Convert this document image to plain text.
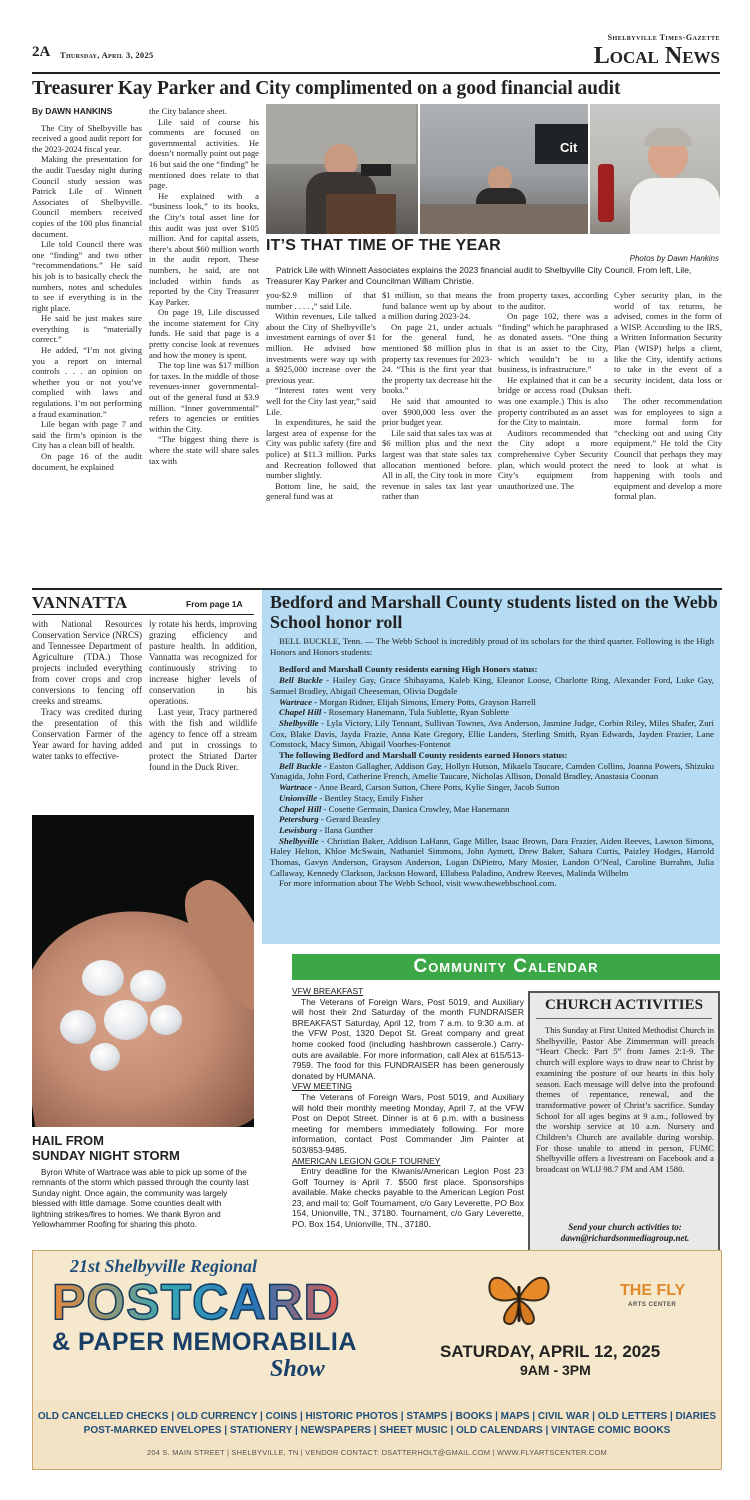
2A Thursday, April 3, 2025
Shelbyville Times-Gazette
Local News
Treasurer Kay Parker and City complimented on a good financial audit

By DAWN HANKINS

The City of Shelbyville has received a good audit report for the 2023-2024 fiscal year.

Making the presentation for the audit Tuesday night during Council study session was Patrick Lile of Winnett Associates of Shelbyville. Council members received copies of the 100 plus financial document.

Lile told Council there was one “finding” and two other “recommendations.” He said his job is to basically check the numbers, notes and schedules to see if everything is in the right place.

He said he just makes sure everything is “materially correct.”

He added, “I’m not giving you a report on internal controls . . . an opinion on whether you or not you’ve complied with laws and regulations. I’m not performing a fraud examination.”

Lile began with page 7 and said the firm’s opinion is the City has a clean bill of health.

On page 16 of the audit document, he explained

the City balance sheet.

Lile said of course his comments are focused on governmental activities. He doesn’t normally point out page 16 but said the one “finding” he mentioned does relate to that page.

He explained with a “business look,” to its books, the City’s total asset line for this audit was just over $105 million. And for capital assets, there’s about $60 million worth in the audit report. These numbers, he said, are not included within funds as reported by the City Treasurer Kay Parker.

On page 19, Lile discussed the income statement for City funds. He said that page is a pretty concise look at revenues and how the money is spent.

The top line was $17 million for taxes. In the middle of those revenues-inner governmental-out of the general fund at $3.9 million. “Inner governmental” refers to agencies or entities within the City.

“The biggest thing there is where the state will share sales tax with

Cit
IT’S THAT TIME OF THE YEAR
Photos by Dawn Hankins
Patrick Lile with Winnett Associates explains the 2023 financial audit to Shelbyville City Council. From left, Lile, Treasurer Kay Parker and Councilman William Christie.

you-$2.9 million of that number . . . . ,” said Lile.

Within revenues, Lile talked about the City of Shelbyville’s investment earnings of over $1 million. He advised how investments were way up with a $925,000 increase over the previous year.

“Interest rates went very well for the City last year,” said Lile.

In expenditures, he said the largest area of expense for the City was public safety (fire and police) at $11.3 million. Parks and Recreation followed that number slightly.

Bottom line, he said, the general fund was at

$1 million, so that means the fund balance went up by about a million during 2023-24.

On page 21, under actuals for the general fund, he mentioned $8 million plus in property tax revenues for 2023-24. “This is the first year that the property tax decrease hit the books.”

He said that amounted to over $900,000 less over the prior budget year.

Lile said that sales tax was at $6 million plus and the next largest was that state sales tax allocation mentioned before. All in all, the City took in more revenue in sales tax last year rather than

from property taxes, according to the auditor.

On page 102, there was a “finding” which he paraphrased as donated assets. “One thing that is an asset to the City, which wouldn’t be to a business, is infrastructure.”

He explained that it can be a bridge or access road (Duksan was one example.) This is also property contributed as an asset for the City to maintain.

Auditors recommended that the City adopt a more comprehensive Cyber Security plan, which would protect the City’s equipment from unauthorized use. The

Cyber security plan, in the world of tax returns, he advised, comes in the form of a WISP. According to the IRS, a Written Information Security Plan (WISP) helps a client, like the City, identify actions to take in the event of a security incident, data loss or theft.

The other recommendation was for employees to sign a more formal form for “checking out and using City equipment.” He told the City Council that perhaps they may need to look at what is happening with tools and equipment and develop a more formal plan.

VANNATTA	From page 1A

with National Resources Conservation Service (NRCS) and Tennessee Department of Agriculture (TDA.) Those projects included everything from cover crops and crop conversions to fencing off creeks and streams.

Tracy was credited during the presentation of this Conservation Farmer of the Year award for having added water tanks to effective-

ly rotate his herds, improving grazing efficiency and pasture health. In addition, Vannatta was recognized for continuously striving to increase higher levels of conservation in his operations.

Last year, Tracy partnered with the fish and wildlife agency to fence off a stream and put in crossings to protect the Striated Darter found in the Duck River.

HAIL FROM
SUNDAY NIGHT STORM
Byron White of Wartrace was able to pick up some of the remnants of the storm which passed through the county last Sunday night. Once again, the community was largely blessed with little damage. Some counties dealt with lightning strikes/fires to homes. We thank Byron and Yellowhammer Roofing for sharing this photo.
Bedford and Marshall County students listed on the Webb School honor roll

BELL BUCKLE, Tenn. — The Webb School is incredibly proud of its scholars for the third quarter. Following is the High Honors and Honors students:

Bedford and Marshall County residents earning High Honors status:

Bell Buckle - Hailey Gay, Grace Shibayama, Kaleb King, Eleanor Loose, Charlotte Ring, Alexander Ford, Luke Gay, Samuel Bradley, Abigail Cheeseman, Olivia Dugdale

Wartrace - Morgan Ridner, Elijah Simons, Emery Potts, Grayson Harrell

Chapel Hill - Rosemary Hanemann, Tula Sublette, Ryan Sublette

Shelbyville - Lyla Victory, Lily Tennant, Sullivan Townes, Ava Anderson, Jasmine Judge, Corbin Riley, Miles Shafer, Zuri Cox, Blake Davis, Jayda Frazie, Anna Kate Gregory, Ellie Landers, Sterling Smith, Ryan Edwards, Jayden Frazier, Lane Comstock, Macy Simon, Abigail Voorhes-Fontenot

The following Bedford and Marshall County residents earned Honors status:

Bell Buckle - Easton Gallagher, Addison Gay, Hollyn Hutson, Mikaela Taucare, Camden Collins, Joanna Powers, Shizuku Yanagida, John Ford, Catherine French, Amelie Taucare, Nicholas Allison, Donald Bradley, Anastasia Coonan

Wartrace - Anne Beard, Carson Sutton, Chere Potts, Kylie Singer, Jacob Sutton

Unionville - Bentley Stacy, Emily Fisher

Chapel Hill - Cosette Germain, Danica Crowley, Mae Hanemann

Petersburg - Gerard Beasley

Lewisburg - Ilana Gunther

Shelbyville - Christian Baker, Addison LaHann, Gage Miller, Isaac Brown, Dara Frazier, Aiden Reeves, Lawson Simons, Haley Helton, Khloe McSwain, Nathaniel Simmons, John Aymett, Drew Baker, Sahara Curtis, Paizley Hodges, Harrold Thomas, Gavyn Anderson, Grayson Anderson, Logan DiPietro, Mary Mosier, Landon O’Neal, Caroline Burrahm, Julia Callaway, Kennedy Clarkson, Jackson Howard, Ellabess Paladino, Andrew Reeves, Malinda Wilhelm

For more information about The Webb School, visit www.thewebbschool.com.

Community Calendar

VFW BREAKFAST

The Veterans of Foreign Wars, Post 5019, and Auxiliary will host their 2nd Saturday of the month FUNDRAISER BREAKFAST Saturday, April 12, from 7 a.m. to 9:30 a.m. at the VFW Post, 1320 Depot St. Great company and great home cooked food (including hashbrown casserole.) Carry-outs are available. For more information, call Alex at 615/513-7959. The food for this FUNDRAISER has been generously donated by HUMANA.

VFW MEETING

The Veterans of Foreign Wars, Post 5019, and Auxiliary will hold their monthly meeting Monday, April 7, at the VFW Post on Depot Street. Dinner is at 6 p.m. with a business meeting for members immediately following. For more information, contact Post Commander Jim Painter at 503/853-9485.

AMERICAN LEGION GOLF TOURNEY

Entry deadline for the Kiwanis/American Legion Post 23 Golf Tourney is April 7. $500 first place. Sponsorships available. Make checks payable to the American Legion Post 23, and mail to: Golf Tournament, c/o Gary Leverette, PO Box 154, Unionville, TN., 37180. Tournament, c/o Gary Leverette, PO. Box 154, Unionville, TN., 37180.

CHURCH ACTIVITIES

This Sunday at First United Methodist Church in Shelbyville, Pastor Abe Zimmerman will preach “Heart Check: Part 5” from James 2:1-9. The church will explore ways to draw near to Christ by examining the posture of our hearts in this holy season. Each message will delve into the profound themes of repentance, renewal, and the transformative power of Christ’s sacrifice. Sunday School for all ages begins at 9 a.m., followed by the worship service at 10 a.m. Nursery and Children’s Church are available during worship. For those unable to attend in person, FUMC Shelbyville offers a livestream on Facebook and a broadcast on WLIJ 98.7 FM and AM 1580.

Send your church activities to:
dawn@richardsonmediagroup.net.
21st Shelbyville Regional
POSTCARD
& PAPER MEMORABILIA
Show
THE FLY
ARTS CENTER
SATURDAY, APRIL 12, 2025
9AM - 3PM
OLD CANCELLED CHECKS | OLD CURRENCY | COINS | HISTORIC PHOTOS | STAMPS | BOOKS | MAPS | CIVIL WAR | OLD LETTERS | DIARIES
POST-MARKED ENVELOPES | STATIONERY | NEWSPAPERS | SHEET MUSIC | OLD CALENDARS | VINTAGE COMIC BOOKS
204 S. MAIN STREET | SHELBYVILLE, TN | VENDOR CONTACT: DSATTERHOLT@GMAIL.COM | WWW.FLYARTSCENTER.COM
